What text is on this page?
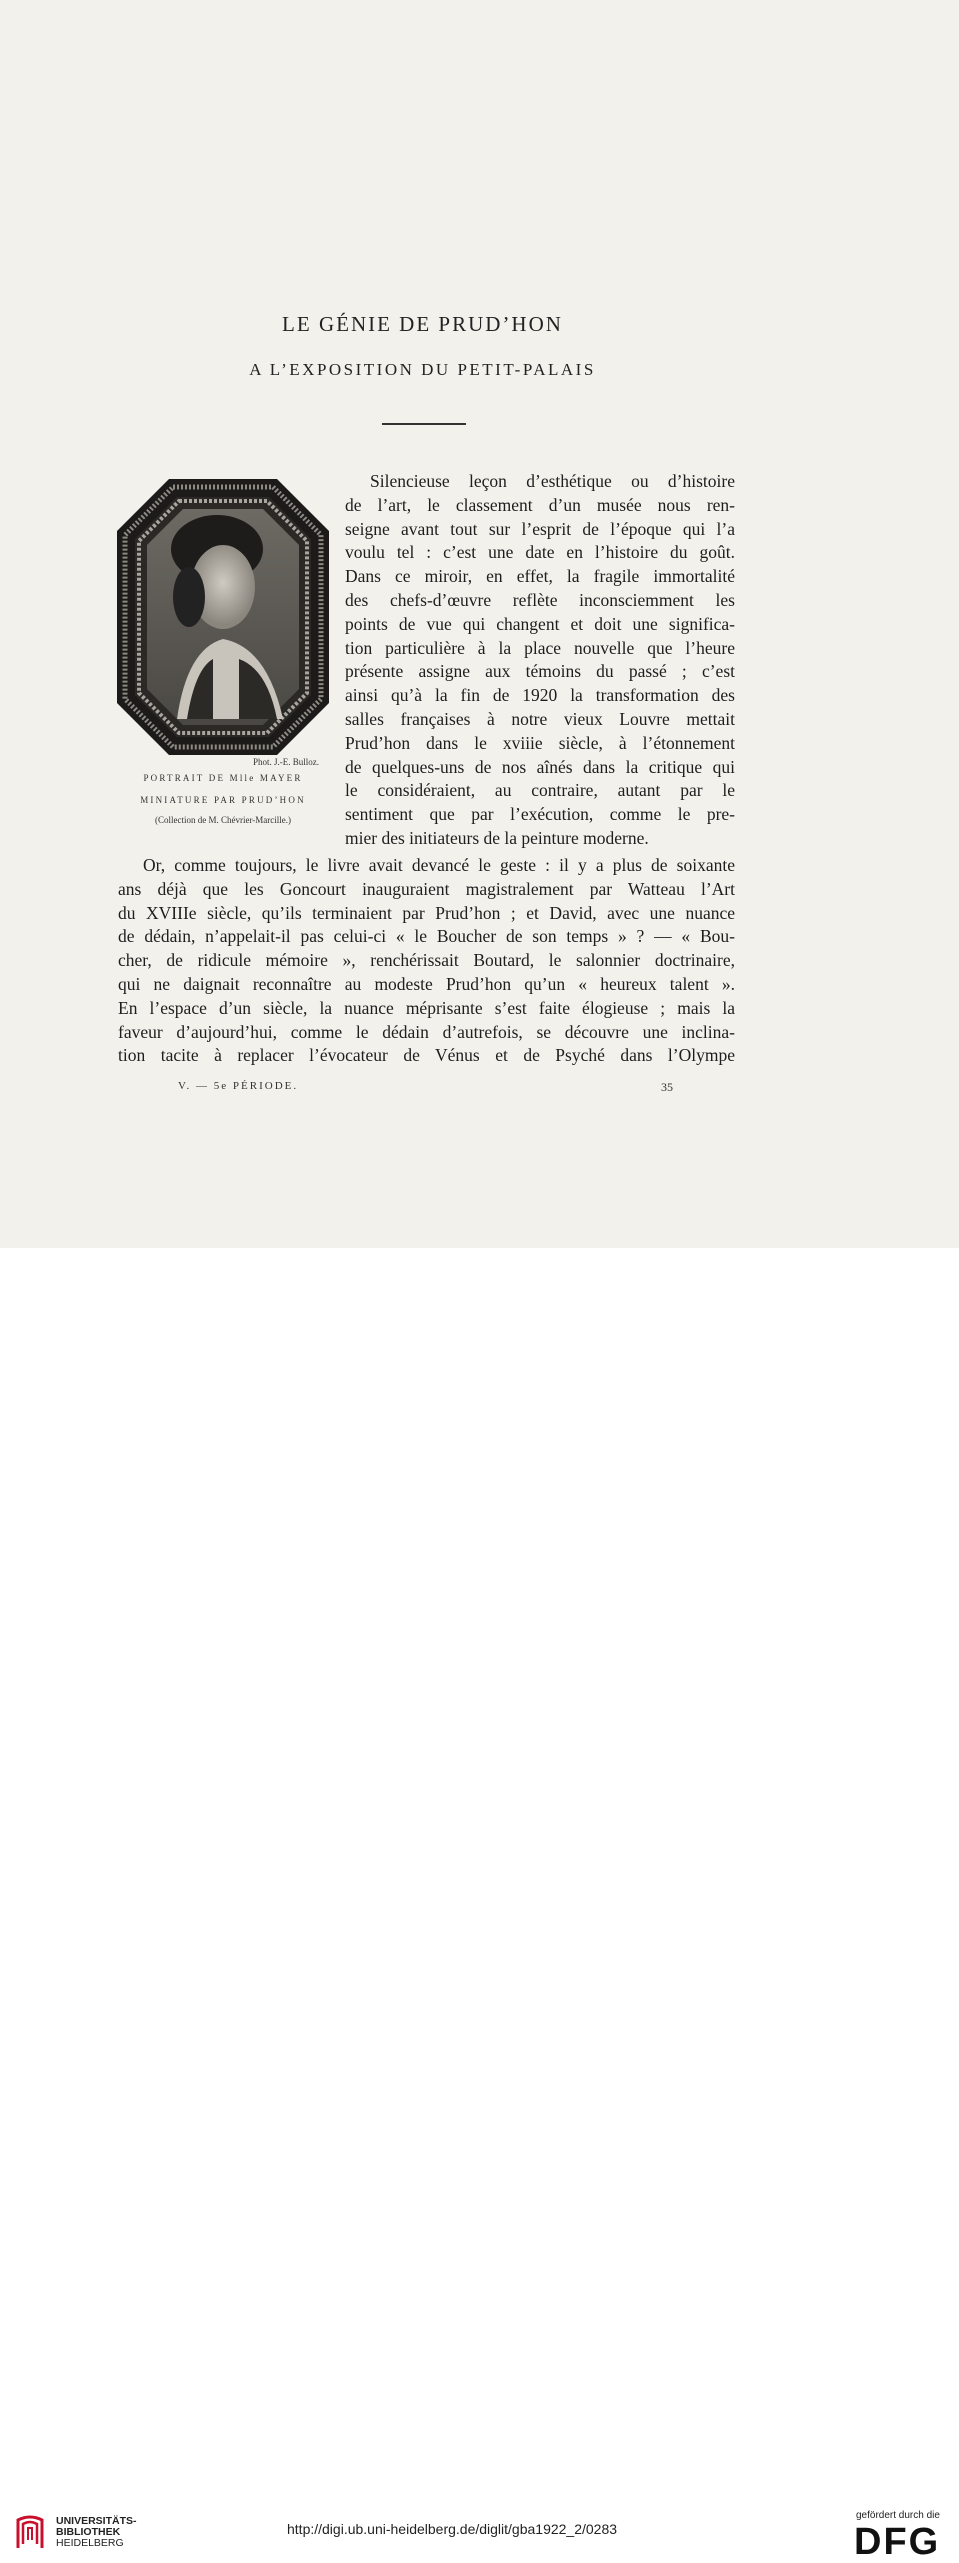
LE GÉNIE DE PRUD’HON
A L’EXPOSITION DU PETIT-PALAIS
Phot. J.-E. Bulloz.
PORTRAIT DE Mlle MAYER
MINIATURE PAR PRUD’HON
(Collection de M. Chévrier-Marcille.)
Silencieuse leçon d’esthétique ou d’histoire
de l’art, le classement d’un musée nous ren-
seigne avant tout sur l’esprit de l’époque qui l’a
voulu tel : c’est une date en l’histoire du goût.
Dans ce miroir, en effet, la fragile immortalité
des chefs-d’œuvre reflète inconsciemment les
points de vue qui changent et doit une significa-
tion particulière à la place nouvelle que l’heure
présente assigne aux témoins du passé ; c’est
ainsi qu’à la fin de 1920 la transformation des
salles françaises à notre vieux Louvre mettait
Prud’hon dans le xviiie siècle, à l’étonnement
de quelques-uns de nos aînés dans la critique qui
le considéraient, au contraire, autant par le
sentiment que par l’exécution, comme le pre-
mier des initiateurs de la peinture moderne.
Or, comme toujours, le livre avait devancé le geste : il y a plus de soixante
ans déjà que les Goncourt inauguraient magistralement par Watteau l’Art
du XVIIIe siècle, qu’ils terminaient par Prud’hon ; et David, avec une nuance
de dédain, n’appelait-il pas celui-ci « le Boucher de son temps » ? — « Bou-
cher, de ridicule mémoire », renchérissait Boutard, le salonnier doctrinaire,
qui ne daignait reconnaître au modeste Prud’hon qu’un « heureux talent ».
En l’espace d’un siècle, la nuance méprisante s’est faite élogieuse ; mais la
faveur d’aujourd’hui, comme le dédain d’autrefois, se découvre une inclina-
tion tacite à replacer l’évocateur de Vénus et de Psyché dans l’Olympe
V. — 5e PÉRIODE.	35
UNIVERSITÄTS-
BIBLIOTHEK
HEIDELBERG
http://digi.ub.uni-heidelberg.de/diglit/gba1922_2/0283
gefördert durch die
DFG
